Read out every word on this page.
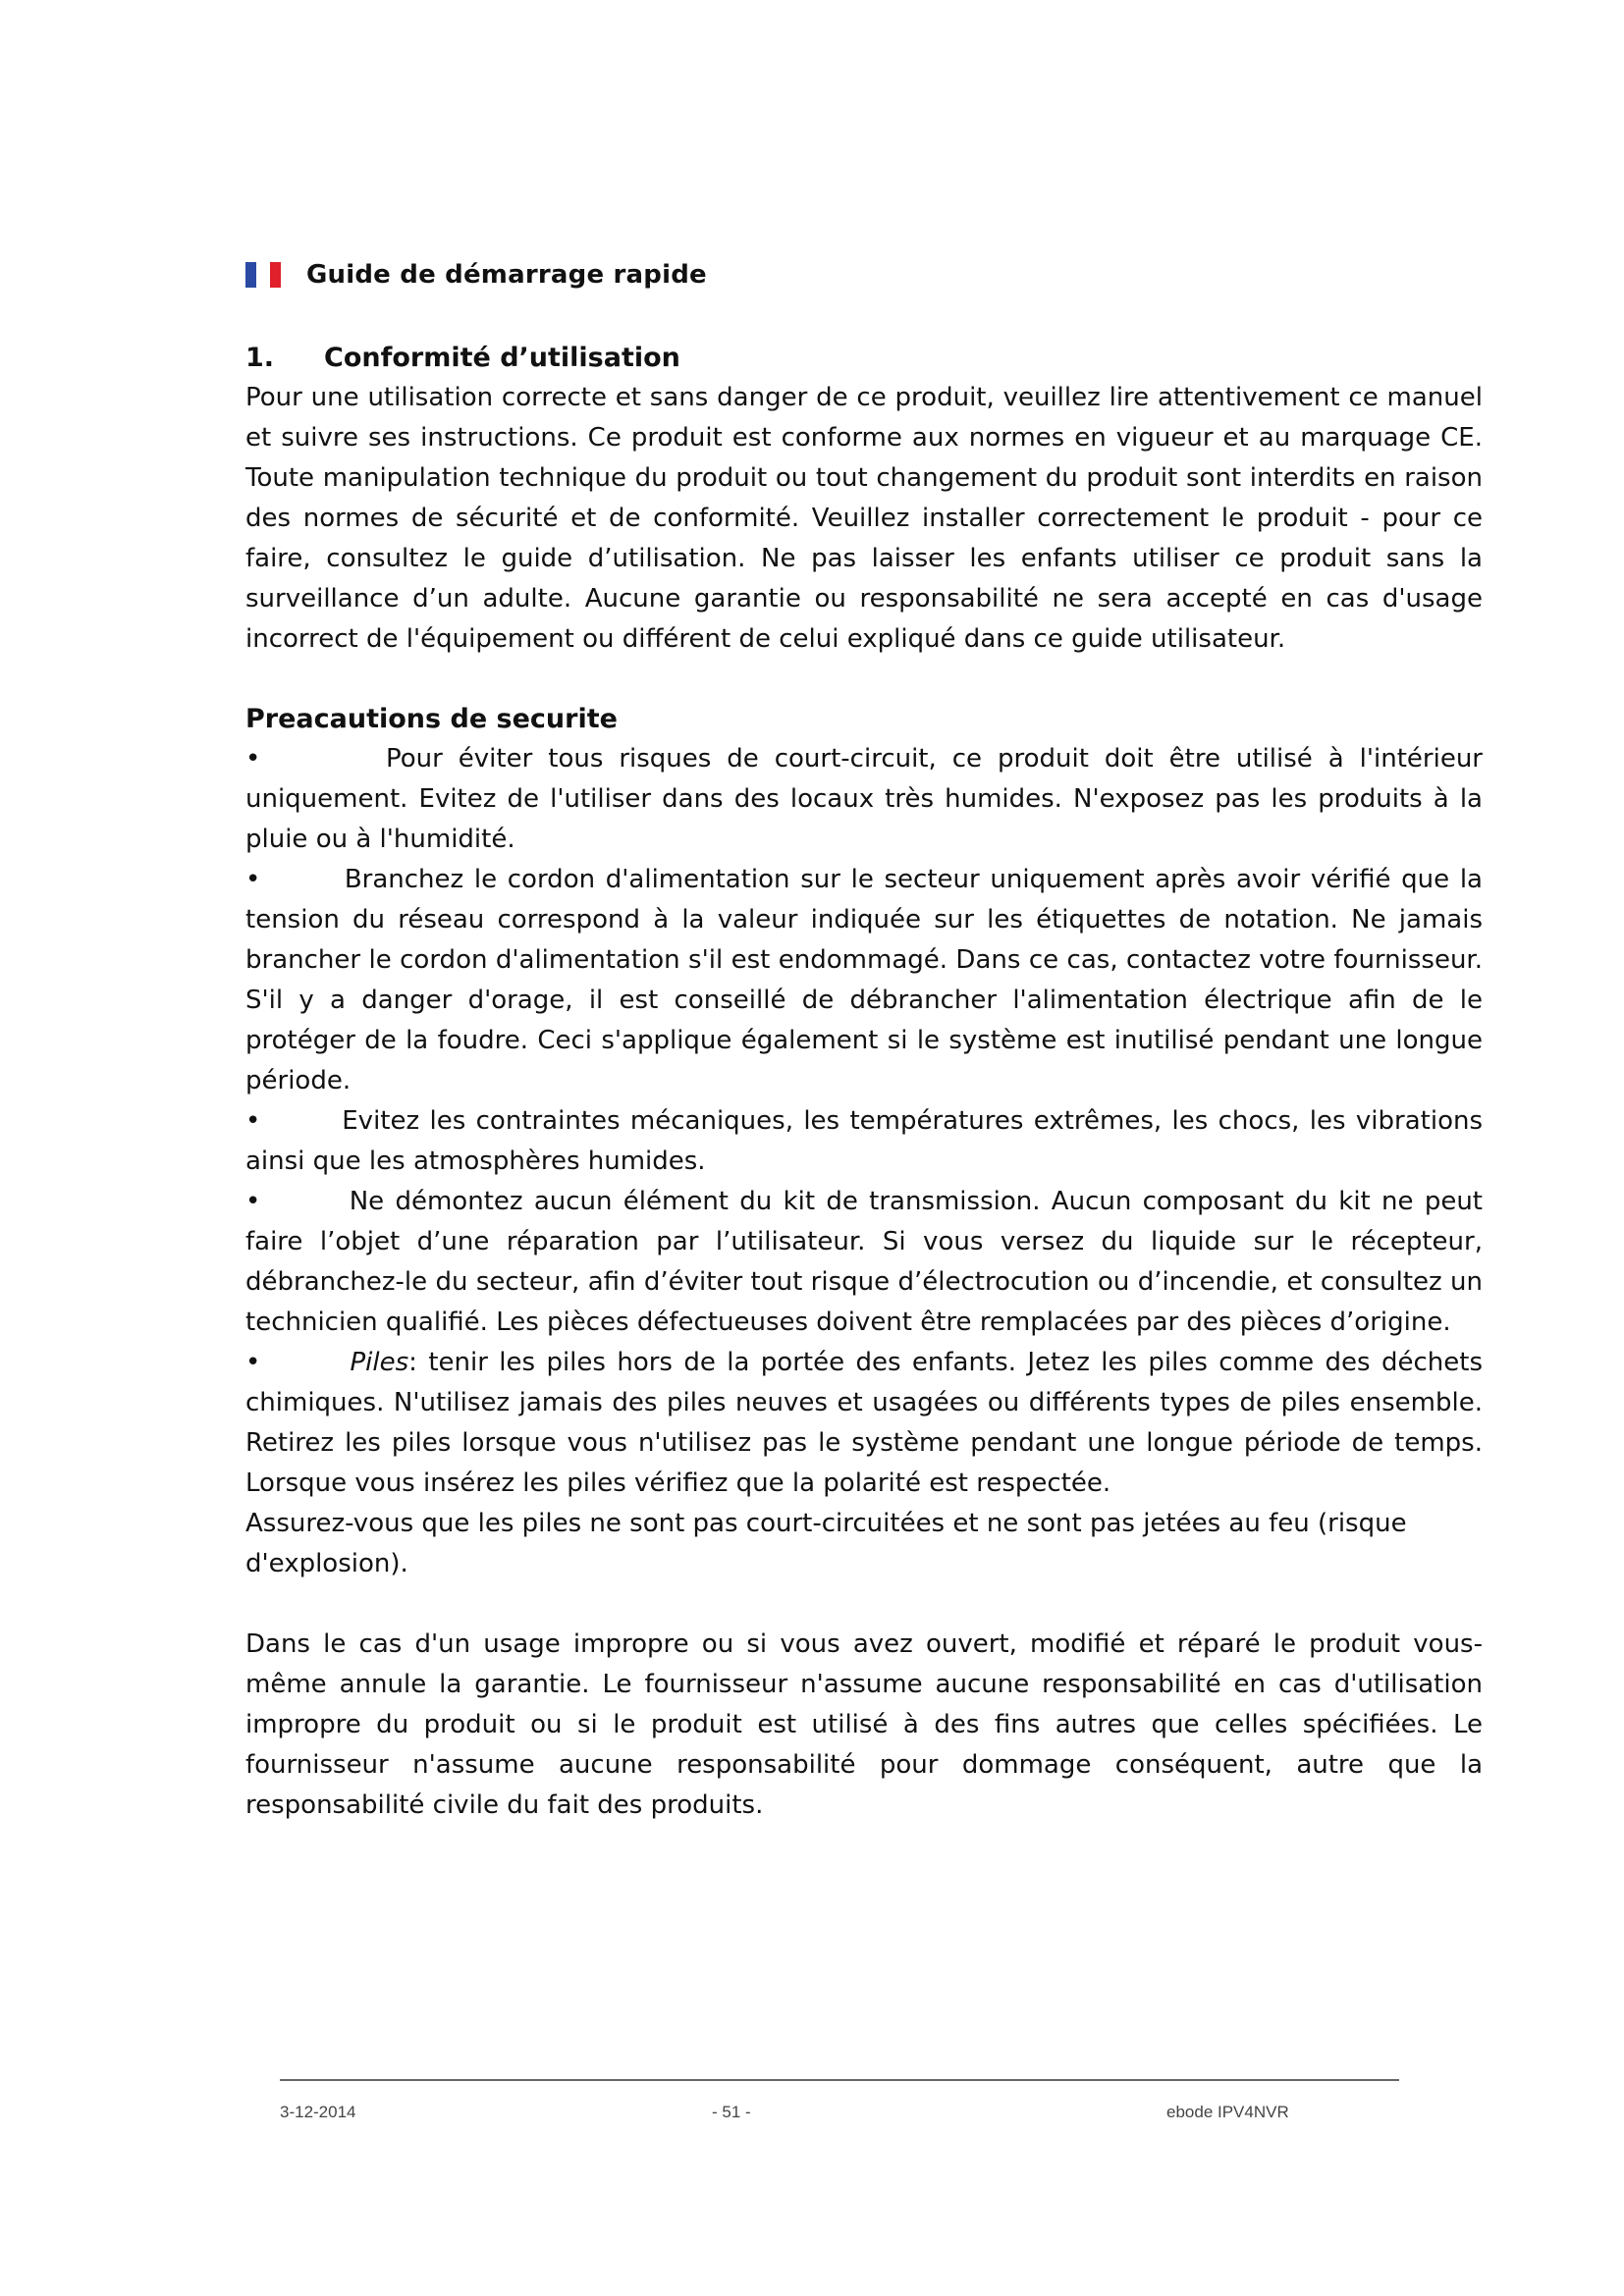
Guide de démarrage rapide
1.	Conformité d’utilisation

Pour une utilisation correcte et sans danger de ce produit, veuillez lire attentivement ce manuel et suivre ses instructions. Ce produit est conforme aux normes en vigueur et au marquage CE. Toute manipulation technique du produit ou tout changement du produit sont interdits en raison des normes de sécurité et de conformité. Veuillez installer correctement le produit - pour ce faire, consultez le guide d’utilisation. Ne pas laisser les enfants utiliser ce produit sans la surveillance d’un adulte. Aucune garantie ou responsabilité ne sera accepté en cas d'usage incorrect de l'équipement ou différent de celui expliqué dans ce guide utilisateur.

Preacautions de securite

•	Pour éviter tous risques de court-circuit, ce produit doit être utilisé à l'intérieur uniquement. Evitez de l'utiliser dans des locaux très humides. N'exposez pas les produits à la pluie ou à l'humidité.

•	Branchez le cordon d'alimentation sur le secteur uniquement après avoir vérifié que la tension du réseau correspond à la valeur indiquée sur les étiquettes de notation. Ne jamais brancher le cordon d'alimentation s'il est endommagé. Dans ce cas, contactez votre fournisseur. S'il y a danger d'orage, il est conseillé de débrancher l'alimentation électrique afin de le protéger de la foudre. Ceci s'applique également si le système est inutilisé pendant une longue période.

•	Evitez les contraintes mécaniques, les températures extrêmes, les chocs, les vibrations ainsi que les atmosphères humides.

•	Ne démontez aucun élément du kit de transmission. Aucun composant du kit ne peut faire l’objet d’une réparation par l’utilisateur. Si vous versez du liquide sur le récepteur, débranchez-le du secteur, afin d’éviter tout risque d’électrocution ou d’incendie, et consultez un technicien qualifié. Les pièces défectueuses doivent être remplacées par des pièces d’origine.

•	Piles: tenir les piles hors de la portée des enfants. Jetez les piles comme des déchets chimiques. N'utilisez jamais des piles neuves et usagées ou différents types de piles ensemble. Retirez les piles lorsque vous n'utilisez pas le système pendant une longue période de temps. Lorsque vous insérez les piles vérifiez que la polarité est respectée.

Assurez-vous que les piles ne sont pas court-circuitées et ne sont pas jetées au feu (risque d'explosion).

Dans le cas d'un usage impropre ou si vous avez ouvert, modifié et réparé le produit vous-même annule la garantie. Le fournisseur n'assume aucune responsabilité en cas d'utilisation impropre du produit ou si le produit est utilisé à des fins autres que celles spécifiées. Le fournisseur n'assume aucune responsabilité pour dommage conséquent, autre que la responsabilité civile du fait des produits.

3-12-2014	- 51 -	ebode IPV4NVR
